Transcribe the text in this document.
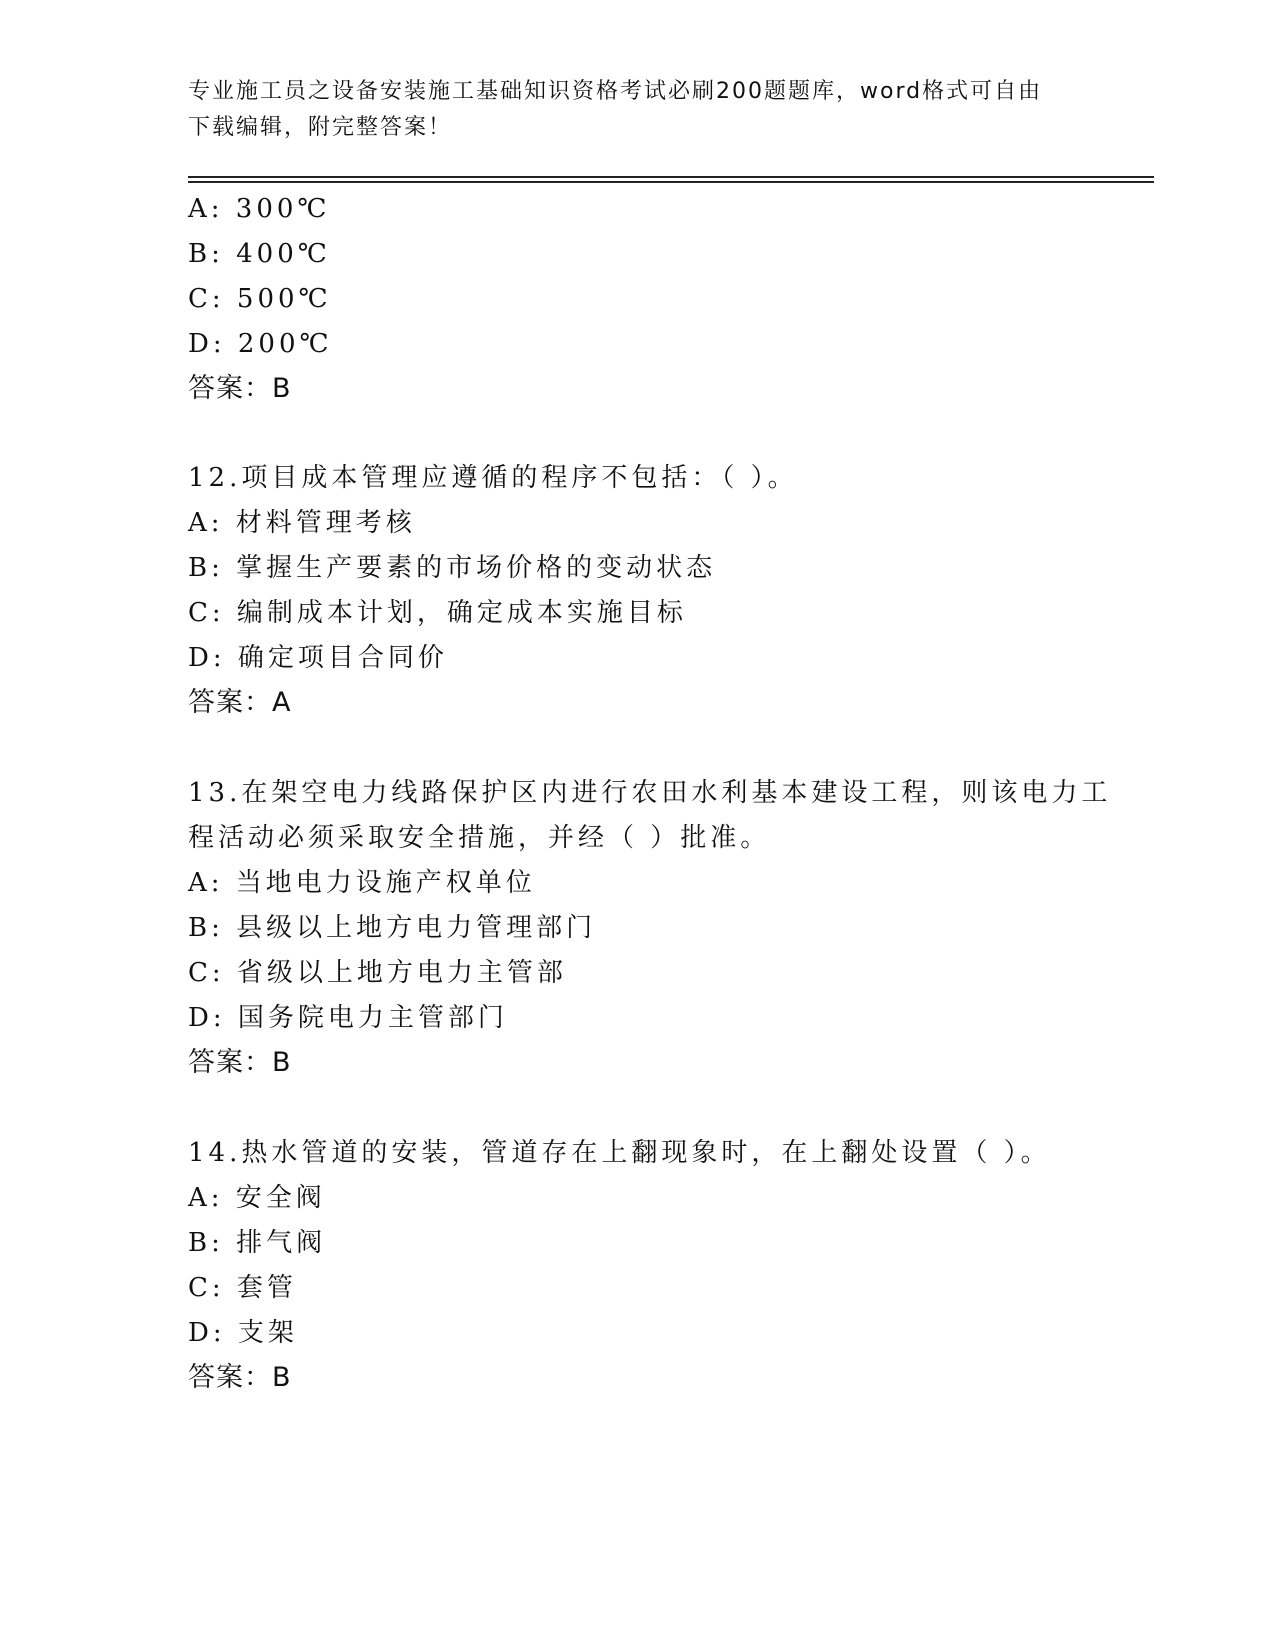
专业施工员之设备安装施工基础知识资格考试必刷200题题库，word格式可自由
下载编辑，附完整答案！
A: 300℃
B: 400℃
C: 500℃
D: 200℃
答案：B
12.项目成本管理应遵循的程序不包括：（ ）。
A: 材料管理考核
B: 掌握生产要素的市场价格的变动状态
C: 编制成本计划，确定成本实施目标
D: 确定项目合同价
答案：A
13.在架空电力线路保护区内进行农田水利基本建设工程，则该电力工
程活动必须采取安全措施，并经（ ）批准。
A: 当地电力设施产权单位
B: 县级以上地方电力管理部门
C: 省级以上地方电力主管部
D: 国务院电力主管部门
答案：B
14.热水管道的安装，管道存在上翻现象时，在上翻处设置（ ）。
A: 安全阀
B: 排气阀
C: 套管
D: 支架
答案：B
